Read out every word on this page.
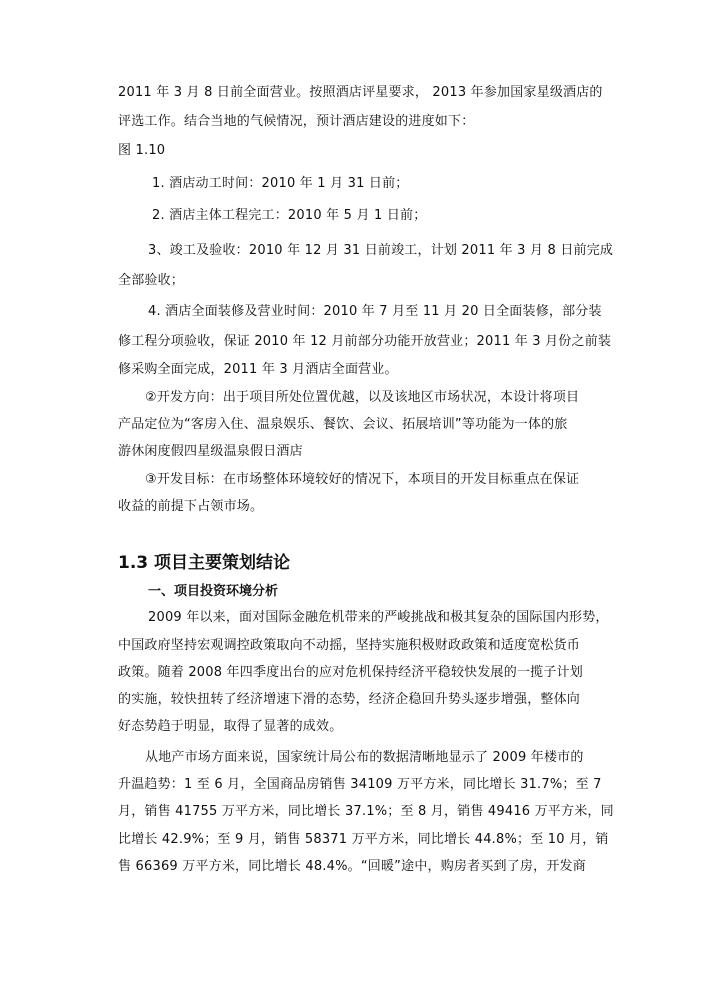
2011 年 3 月 8 日前全面营业。按照酒店评星要求， 2013 年参加国家星级酒店的
评选工作。结合当地的气候情况，预计酒店建设的进度如下：
图 1.10
1. 酒店动工时间：2010 年 1 月 31 日前；
2. 酒店主体工程完工：2010 年 5 月 1 日前；
3、竣工及验收：2010 年 12 月 31 日前竣工，计划 2011 年 3 月 8 日前完成
全部验收；
4. 酒店全面装修及营业时间：2010 年 7 月至 11 月 20 日全面装修，部分装
修工程分项验收，保证 2010 年 12 月前部分功能开放营业；2011 年 3 月份之前装
修采购全面完成，2011 年 3 月酒店全面营业。
②开发方向：出于项目所处位置优越，以及该地区市场状况，本设计将项目
产品定位为“客房入住、温泉娱乐、餐饮、会议、拓展培训”等功能为一体的旅
游休闲度假四星级温泉假日酒店
③开发目标：在市场整体环境较好的情况下，本项目的开发目标重点在保证
收益的前提下占领市场。
1.3 项目主要策划结论
一、项目投资环境分析
2009 年以来，面对国际金融危机带来的严峻挑战和极其复杂的国际国内形势，
中国政府坚持宏观调控政策取向不动摇，坚持实施积极财政政策和适度宽松货币
政策。随着 2008 年四季度出台的应对危机保持经济平稳较快发展的一揽子计划
的实施，较快扭转了经济增速下滑的态势，经济企稳回升势头逐步增强，整体向
好态势趋于明显，取得了显著的成效。
从地产市场方面来说，国家统计局公布的数据清晰地显示了 2009 年楼市的
升温趋势：1 至 6 月，全国商品房销售 34109 万平方米，同比增长 31.7%；至 7
月，销售 41755 万平方米，同比增长 37.1%；至 8 月，销售 49416 万平方米，同
比增长 42.9%；至 9 月，销售 58371 万平方米，同比增长 44.8%；至 10 月，销
售 66369 万平方米，同比增长 48.4%。“回暖”途中，购房者买到了房，开发商
